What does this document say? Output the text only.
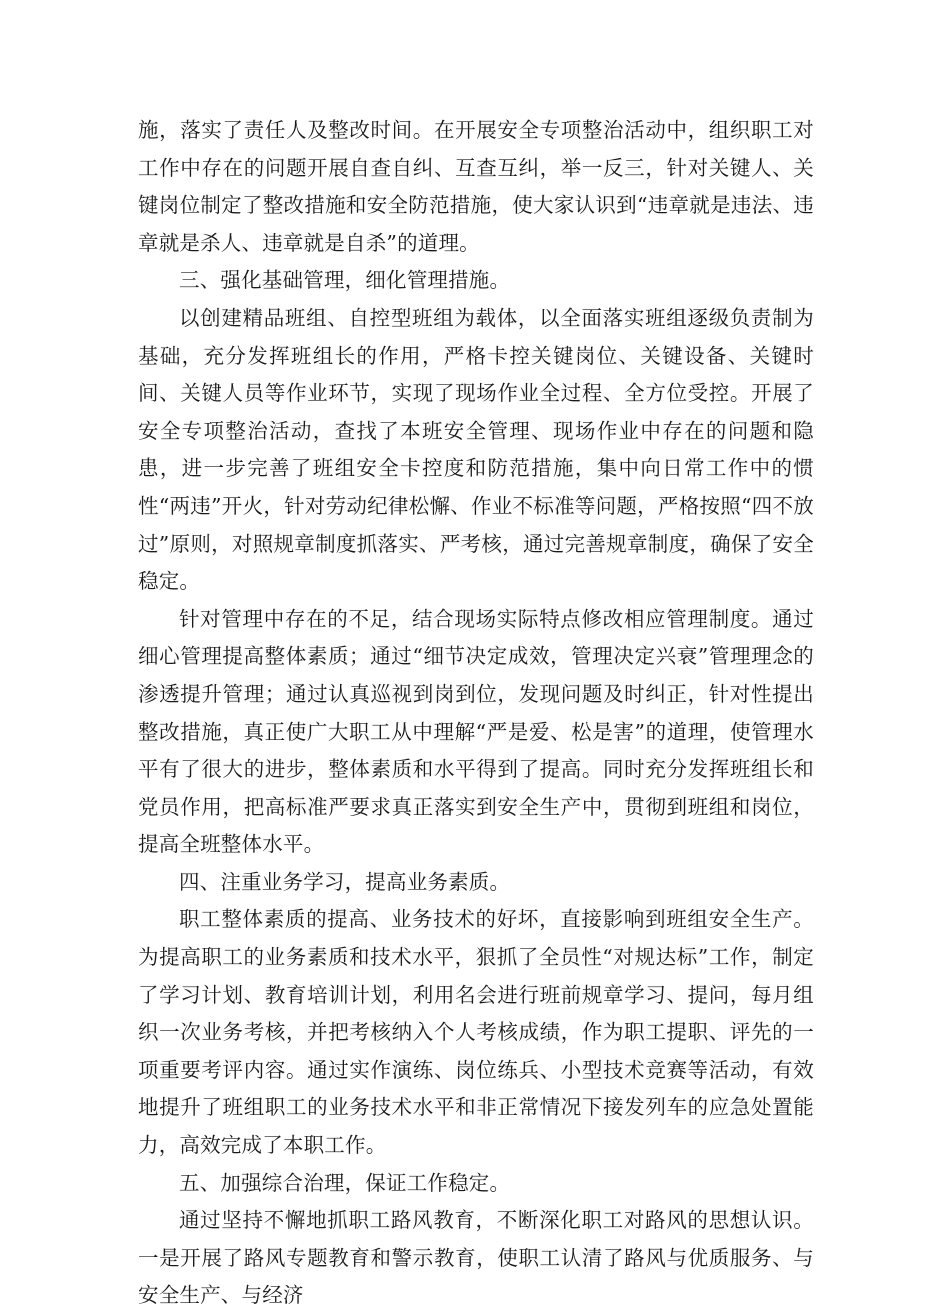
施，落实了责任人及整改时间。在开展安全专项整治活动中，组织职工对工作中存在的问题开展自查自纠、互查互纠，举一反三，针对关键人、关键岗位制定了整改措施和安全防范措施，使大家认识到“违章就是违法、违章就是杀人、违章就是自杀”的道理。

三、强化基础管理，细化管理措施。

以创建精品班组、自控型班组为载体，以全面落实班组逐级负责制为基础，充分发挥班组长的作用，严格卡控关键岗位、关键设备、关键时间、关键人员等作业环节，实现了现场作业全过程、全方位受控。开展了安全专项整治活动，查找了本班安全管理、现场作业中存在的问题和隐患，进一步完善了班组安全卡控度和防范措施，集中向日常工作中的惯性“两违”开火，针对劳动纪律松懈、作业不标准等问题，严格按照“四不放过”原则，对照规章制度抓落实、严考核，通过完善规章制度，确保了安全稳定。

针对管理中存在的不足，结合现场实际特点修改相应管理制度。通过细心管理提高整体素质；通过“细节决定成效，管理决定兴衰”管理理念的渗透提升管理；通过认真巡视到岗到位，发现问题及时纠正，针对性提出整改措施，真正使广大职工从中理解“严是爱、松是害”的道理，使管理水平有了很大的进步，整体素质和水平得到了提高。同时充分发挥班组长和党员作用，把高标准严要求真正落实到安全生产中，贯彻到班组和岗位，提高全班整体水平。

四、注重业务学习，提高业务素质。

职工整体素质的提高、业务技术的好坏，直接影响到班组安全生产。为提高职工的业务素质和技术水平，狠抓了全员性“对规达标”工作，制定了学习计划、教育培训计划，利用名会进行班前规章学习、提问，每月组织一次业务考核，并把考核纳入个人考核成绩，作为职工提职、评先的一项重要考评内容。通过实作演练、岗位练兵、小型技术竞赛等活动，有效地提升了班组职工的业务技术水平和非正常情况下接发列车的应急处置能力，高效完成了本职工作。

五、加强综合治理，保证工作稳定。

通过坚持不懈地抓职工路风教育，不断深化职工对路风的思想认识。一是开展了路风专题教育和警示教育，使职工认清了路风与优质服务、与安全生产、与经济
